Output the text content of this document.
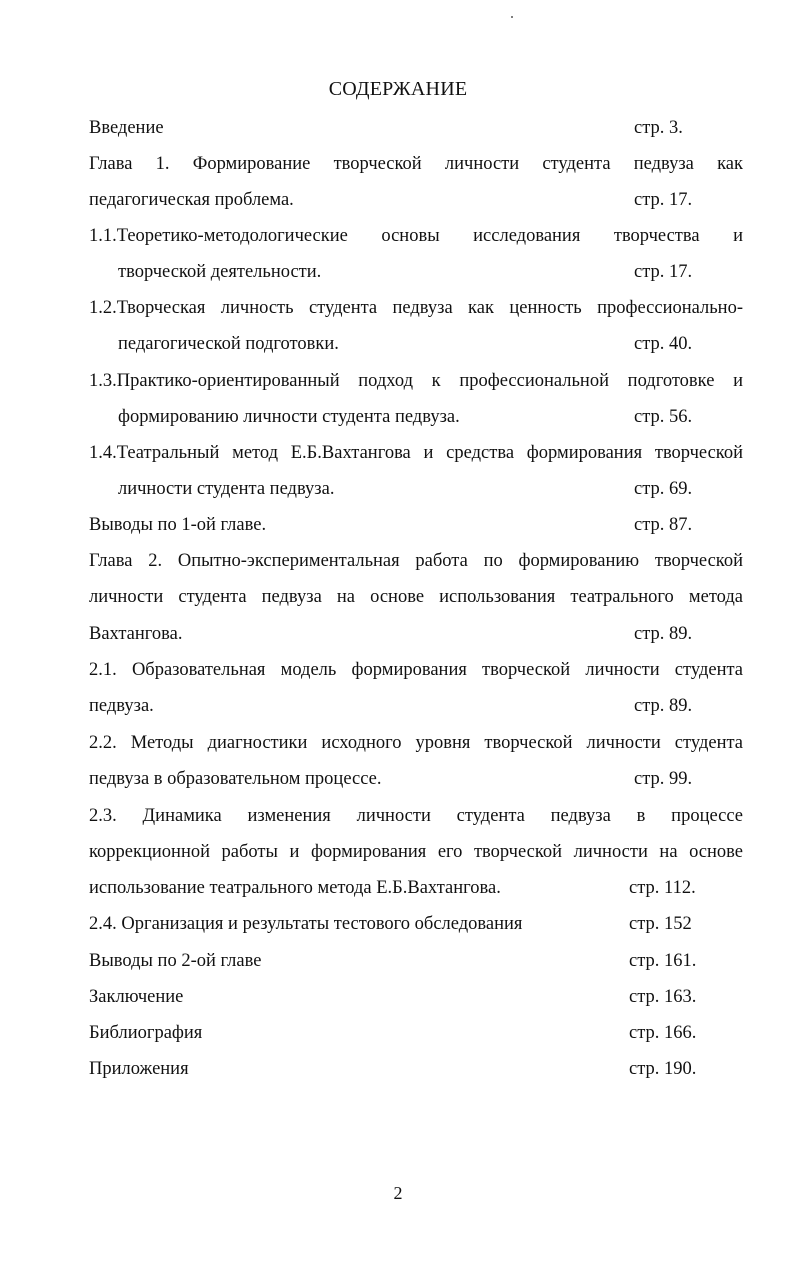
СОДЕРЖАНИЕ
Введение	стр. 3.
Глава 1. Формирование творческой личности студента педвуза как
педагогическая проблема.	стр. 17.
1.1.Теоретико-методологические основы исследования творчества и
творческой деятельности.	стр. 17.
1.2.Творческая личность студента педвуза как ценность профессионально-
педагогической подготовки.	стр. 40.
1.3.Практико-ориентированный подход к профессиональной подготовке и
формированию личности студента педвуза.	стр. 56.
1.4.Театральный метод Е.Б.Вахтангова и средства формирования творческой
личности студента педвуза.	стр. 69.
Выводы по 1-ой главе.	стр. 87.
Глава 2. Опытно-экспериментальная работа по формированию творческой
личности студента педвуза на основе использования театрального метода
Вахтангова.	стр. 89.
2.1. Образовательная модель формирования творческой личности студента
педвуза.	стр. 89.
2.2. Методы диагностики исходного уровня творческой личности студента
педвуза в образовательном процессе.	стр. 99.
2.3. Динамика изменения личности студента педвуза в процессе
коррекционной работы и формирования его творческой личности на основе
использование театрального метода Е.Б.Вахтангова.	стр. 112.
2.4. Организация и результаты тестового обследования	стр. 152
Выводы по 2-ой главе	стр. 161.
Заключение	стр. 163.
Библиография	стр. 166.
Приложения	стр. 190.
2
